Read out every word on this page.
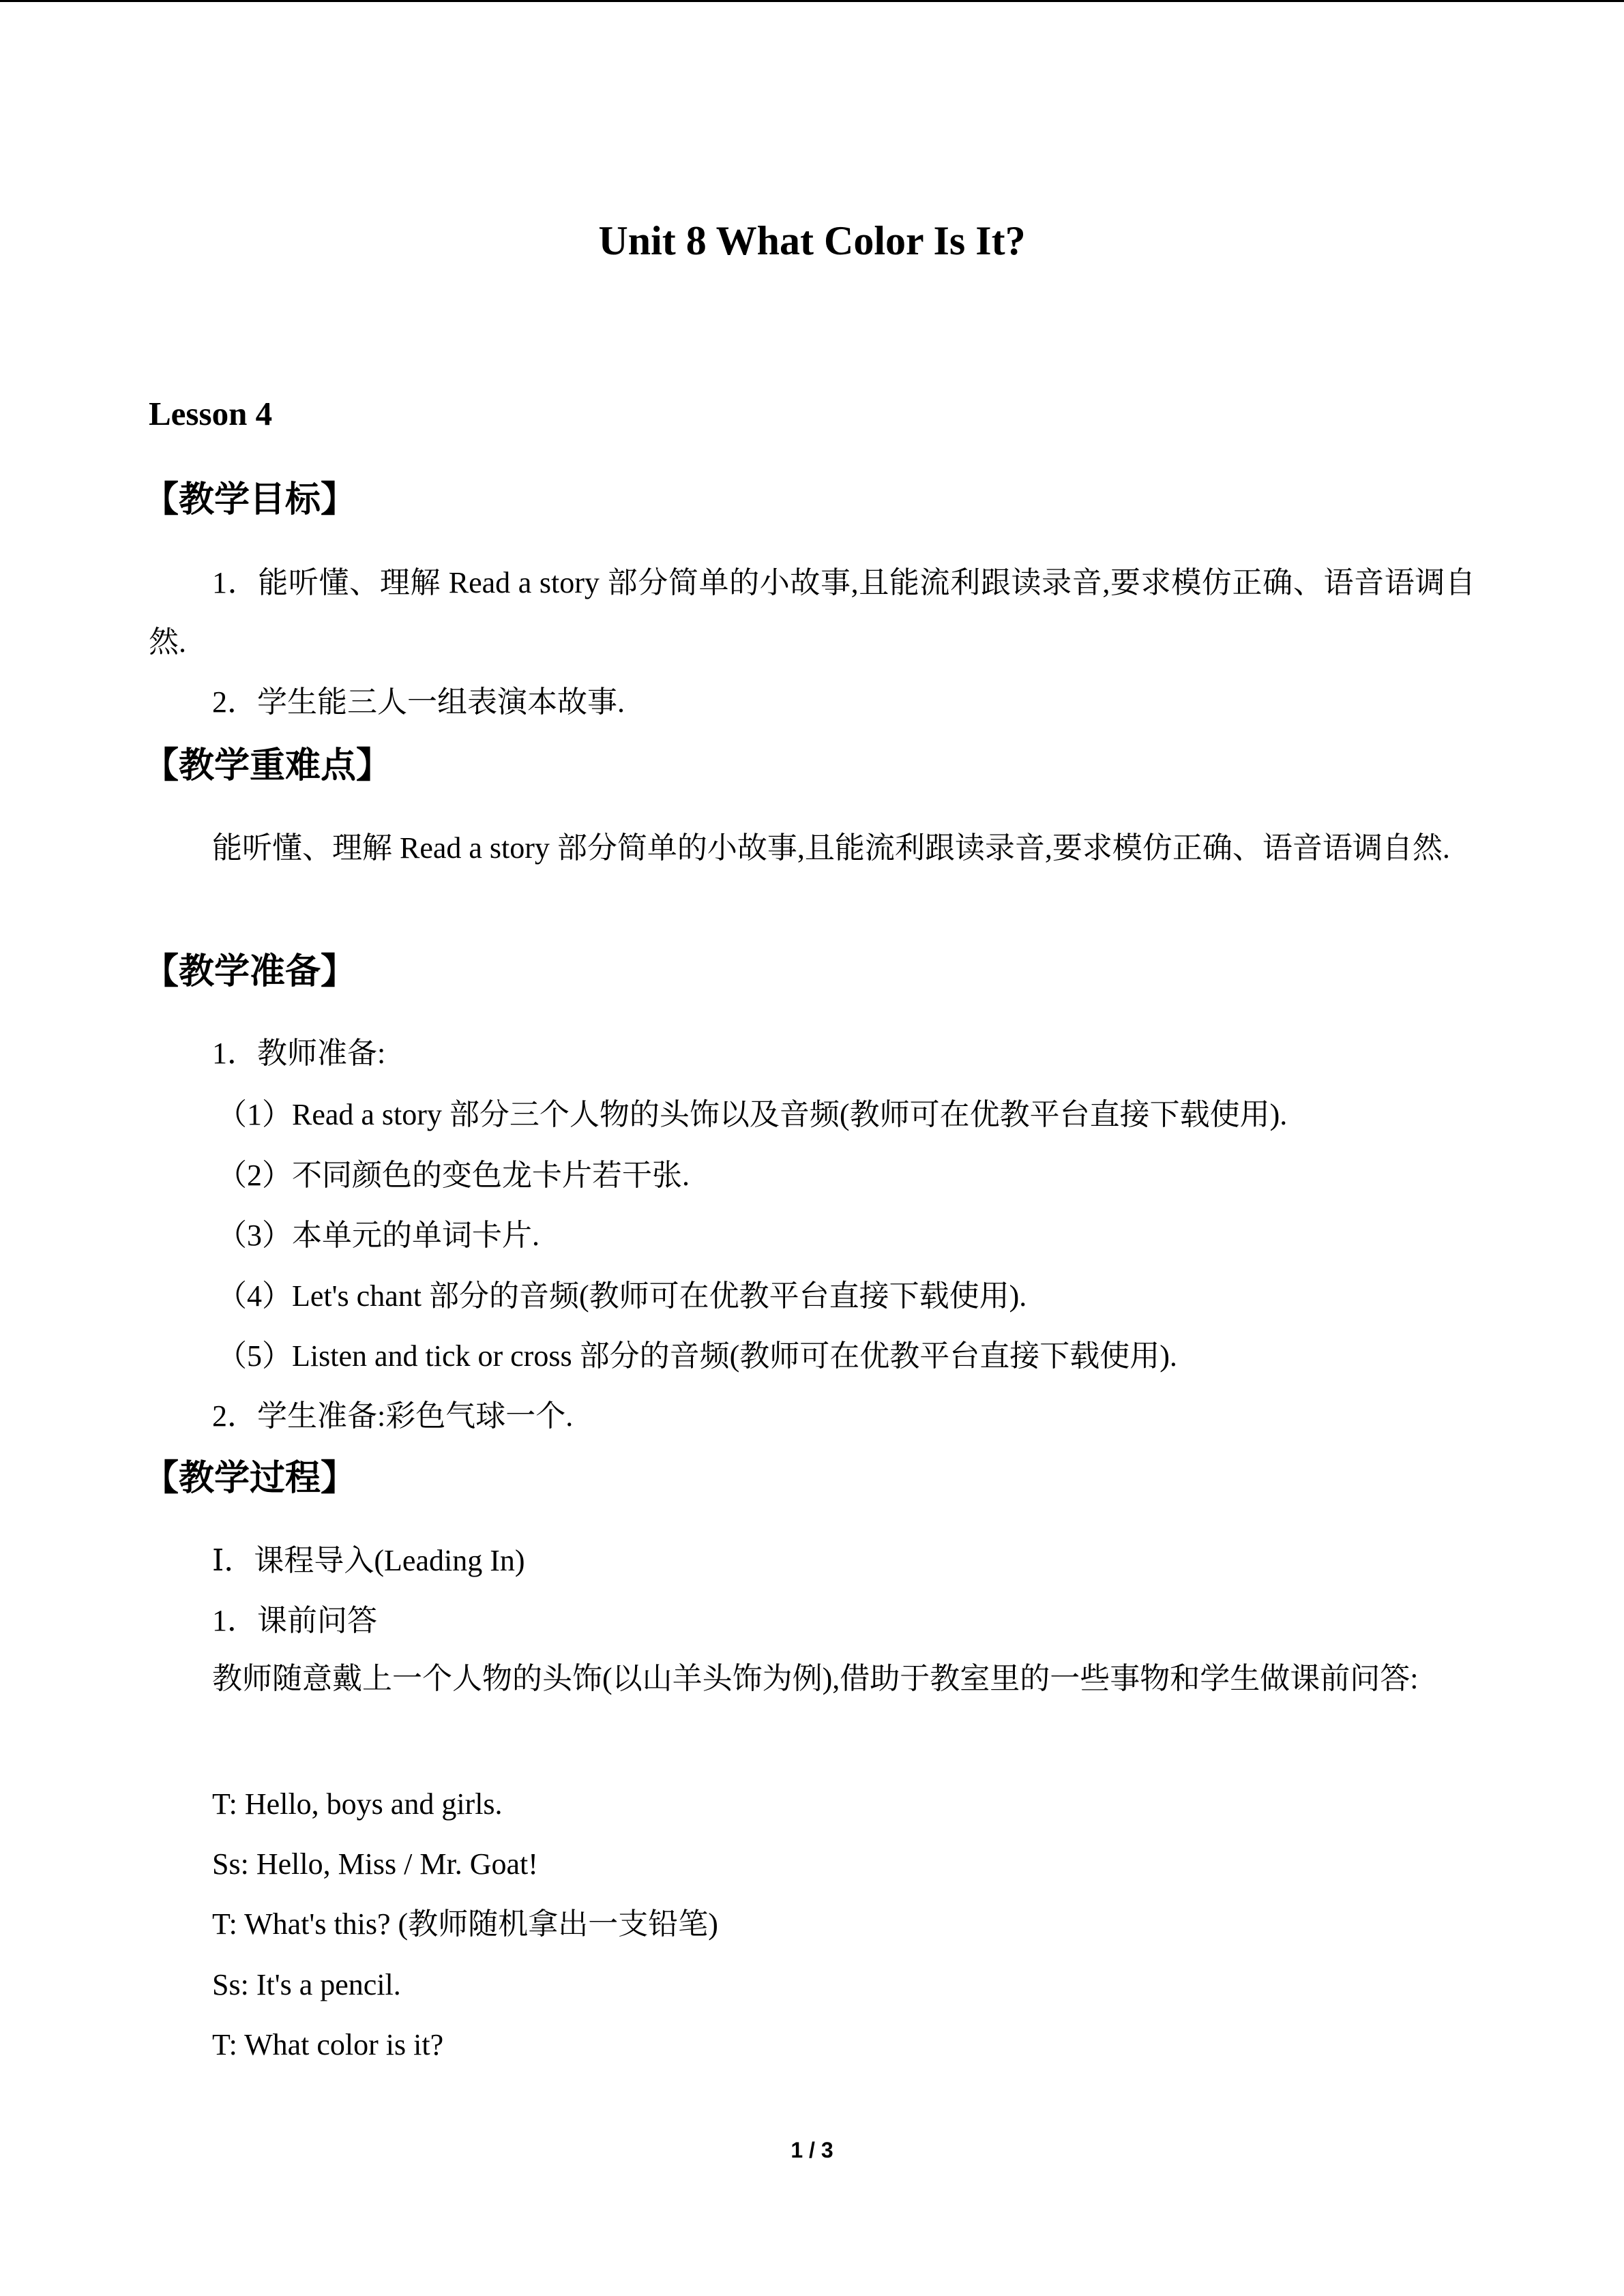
Unit 8 What Color Is It?
Lesson 4
【教学目标】

1．能听懂、理解 Read a story 部分简单的小故事,且能流利跟读录音,要求模仿正确、语音语调自然.

2．学生能三人一组表演本故事.
【教学重难点】

能听懂、理解 Read a story 部分简单的小故事,且能流利跟读录音,要求模仿正确、语音语调自然.

【教学准备】
1．教师准备:
（1）Read a story 部分三个人物的头饰以及音频(教师可在优教平台直接下载使用).
（2）不同颜色的变色龙卡片若干张.
（3）本单元的单词卡片.
（4）Let's chant 部分的音频(教师可在优教平台直接下载使用).
（5）Listen and tick or cross 部分的音频(教师可在优教平台直接下载使用).
2．学生准备:彩色气球一个.
【教学过程】
Ⅰ．课程导入(Leading In)
1．课前问答

教师随意戴上一个人物的头饰(以山羊头饰为例),借助于教室里的一些事物和学生做课前问答:

T: Hello, boys and girls.
Ss: Hello, Miss / Mr. Goat!
T: What's this? (教师随机拿出一支铅笔)
Ss: It's a pencil.
T: What color is it?
1 / 3
